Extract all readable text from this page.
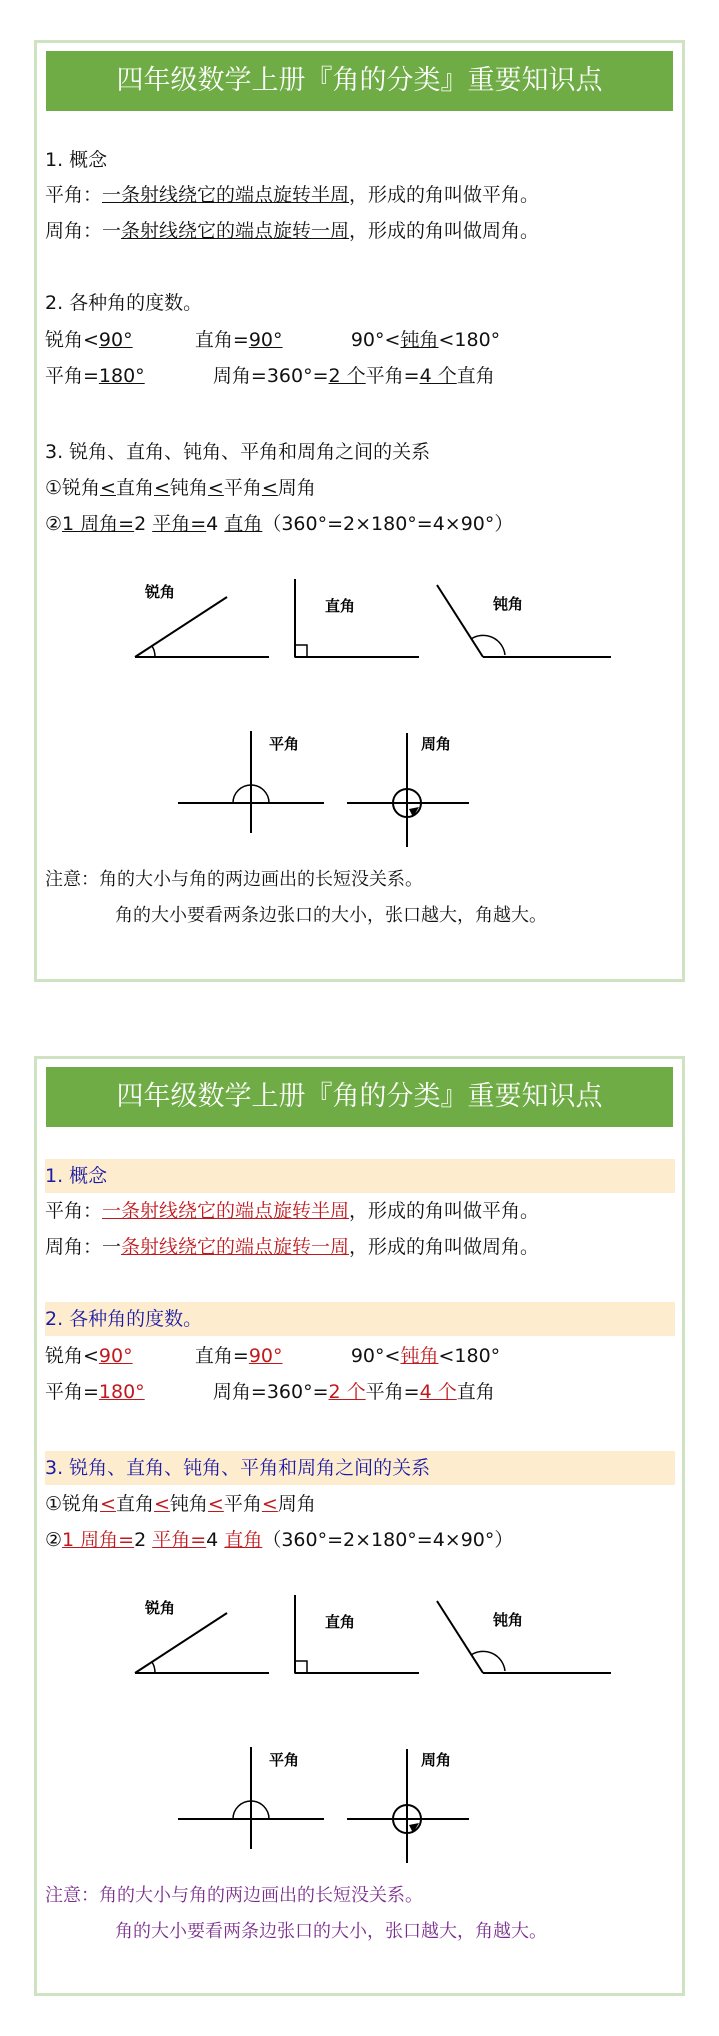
四年级数学上册『角的分类』重要知识点
1. 概念
平角：一条射线绕它的端点旋转半周，形成的角叫做平角。
周角：一条射线绕它的端点旋转一周，形成的角叫做周角。
2. 各种角的度数。
锐角<90°	直角=90°	90°<钝角<180°
平角=180°	周角=360°=2 个平角=4 个直角
3. 锐角、直角、钝角、平角和周角之间的关系
①锐角<直角<钝角<平角<周角
②1 周角=2 平角=4 直角（360°=2×180°=4×90°）
锐角
直角	钝角
平角	周角
注意：角的大小与角的两边画出的长短没关系。
角的大小要看两条边张口的大小，张口越大，角越大。
四年级数学上册『角的分类』重要知识点
1. 概念
平角：一条射线绕它的端点旋转半周，形成的角叫做平角。
周角：一条射线绕它的端点旋转一周，形成的角叫做周角。
2. 各种角的度数。
锐角<90°	直角=90°	90°<钝角<180°
平角=180°	周角=360°=2 个平角=4 个直角
3. 锐角、直角、钝角、平角和周角之间的关系
①锐角<直角<钝角<平角<周角
②1 周角=2 平角=4 直角（360°=2×180°=4×90°）
锐角
直角	钝角
平角	周角
注意：角的大小与角的两边画出的长短没关系。
角的大小要看两条边张口的大小，张口越大，角越大。
